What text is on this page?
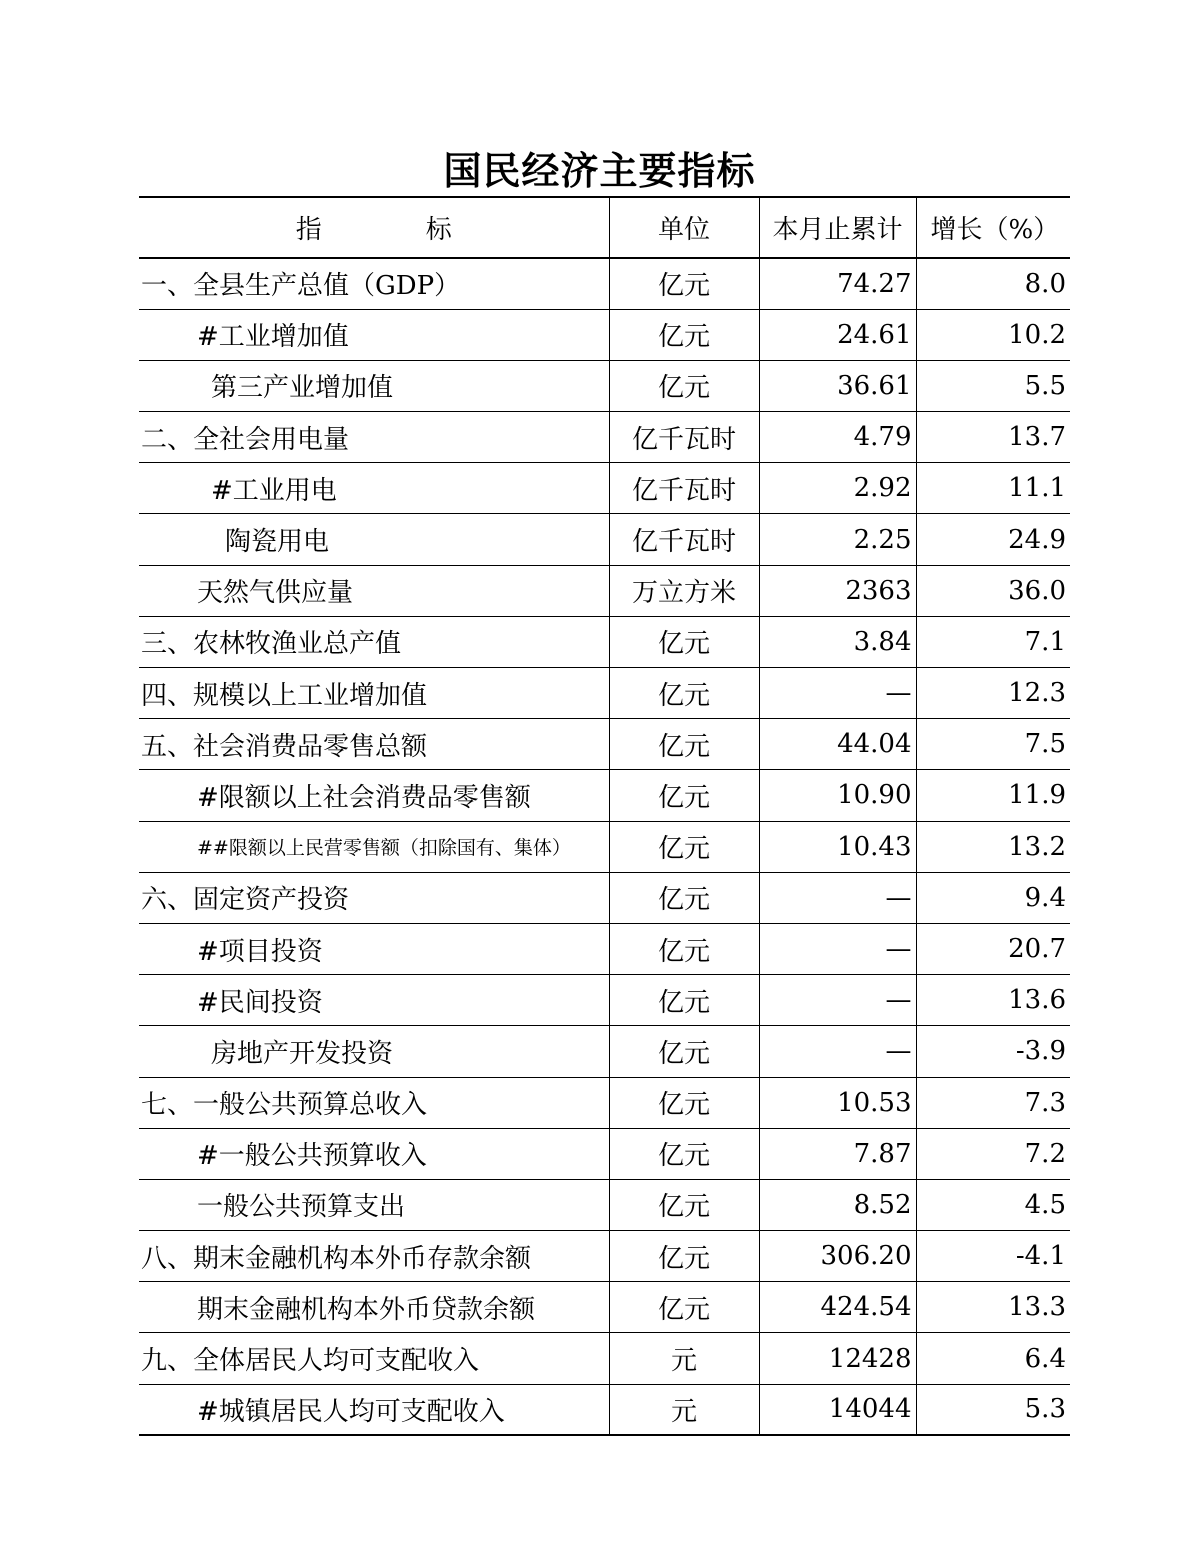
国民经济主要指标
指 标	单位	本月止累计	增长（%）
一、全县生产总值（GDP）	亿元	74.27	8.0
#工业增加值	亿元	24.61	10.2
第三产业增加值	亿元	36.61	5.5
二、全社会用电量	亿千瓦时	4.79	13.7
#工业用电	亿千瓦时	2.92	11.1
陶瓷用电	亿千瓦时	2.25	24.9
天然气供应量	万立方米	2363	36.0
三、农林牧渔业总产值	亿元	3.84	7.1
四、规模以上工业增加值	亿元	—	12.3
五、社会消费品零售总额	亿元	44.04	7.5
#限额以上社会消费品零售额	亿元	10.90	11.9
##限额以上民营零售额（扣除国有、集体）	亿元	10.43	13.2
六、固定资产投资	亿元	—	9.4
#项目投资	亿元	—	20.7
#民间投资	亿元	—	13.6
房地产开发投资	亿元	—	-3.9
七、一般公共预算总收入	亿元	10.53	7.3
#一般公共预算收入	亿元	7.87	7.2
一般公共预算支出	亿元	8.52	4.5
八、期末金融机构本外币存款余额	亿元	306.20	-4.1
期末金融机构本外币贷款余额	亿元	424.54	13.3
九、全体居民人均可支配收入	元	12428	6.4
#城镇居民人均可支配收入	元	14044	5.3
